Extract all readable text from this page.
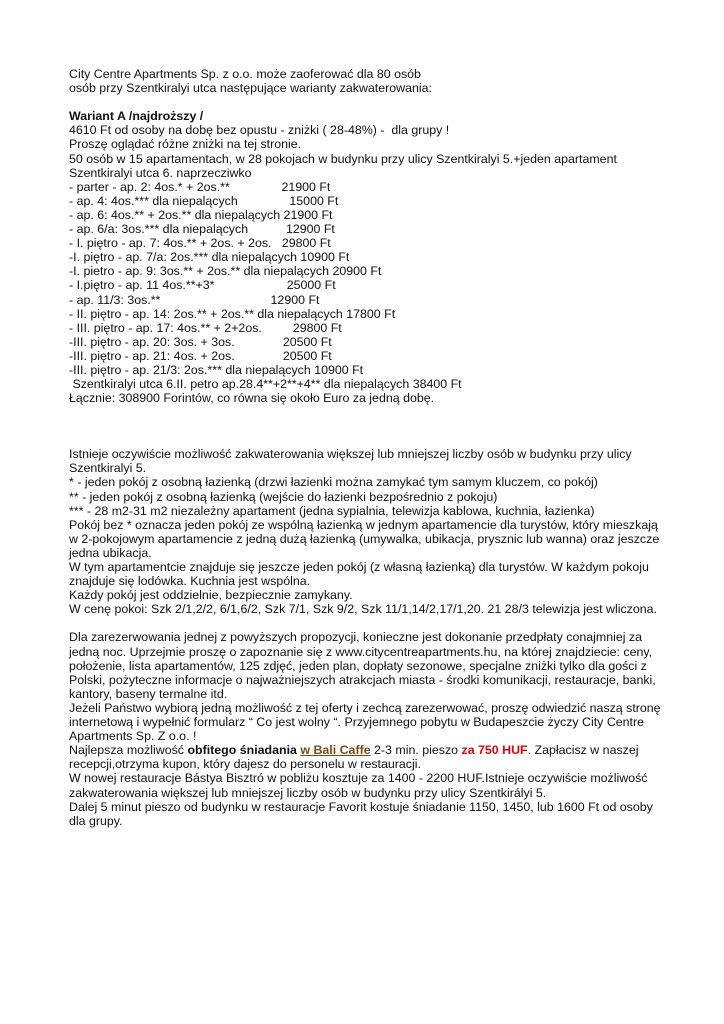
City Centre Apartments Sp. z o.o. może zaoferować dla 80 osób

osób przy Szentkiralyi utca następujące warianty zakwaterowania:

Wariant A /najdroższy /

4610 Ft od osoby na dobę bez opustu - zniżki ( 28-48%) -  dla grupy !

Proszę oglądać różne zniżki na tej stronie.

50 osób w 15 apartamentach, w 28 pokojach w budynku przy ulicy Szentkiralyi 5.+jeden apartament

Szentkiralyi utca 6. naprzeczіwko

- parter - ap. 2: 4os.* + 2os.**               21900 Ft

- ap. 4: 4os.*** dla niepalących               15000 Ft

- ap. 6: 4os.** + 2os.** dla niepalących 21900 Ft

- ap. 6/a: 3os.*** dla niepalących           12900 Ft

- I. piętro - ap. 7: 4os.** + 2os. + 2os.   29800 Ft

-I. piętro - ap. 7/a: 2os.*** dla niepalących 10900 Ft

-I. pietro - ap. 9: 3os.** + 2os.** dla niepalących 20900 Ft

- I.piętro - ap. 11 4os.**+3*                     25000 Ft

- ap. 11/3: 3os.**                                12900 Ft

- II. piętro - ap. 14: 2os.** + 2os.** dla niepalących 17800 Ft

- III. piętro - ap. 17: 4os.** + 2+2os.         29800 Ft

-III. piętro - ap. 20: 3os. + 3os.              20500 Ft

-III. piętro - ap. 21: 4os. + 2os.              20500 Ft

-III. piętro - ap. 21/3: 2os.*** dla niepalących 10900 Ft

Szentkiralyi utca 6.II. petro ap.28.4**+2**+4** dla niepalących 38400 Ft

Łącznie: 308900 Forintów, co równa się około Euro za jedną dobę.

Istnieje oczywiście możliwość zakwaterowania większej lub mniejszej liczby osób w budynku przy ulicy Szentkiralyi 5.

* - jeden pokój z osobną łazienką (drzwi łazienki można zamykać tym samym kluczem, co pokój)

** - jeden pokój z osobną łazienką (wejście do łazienki bezpośrednio z pokoju)

*** - 28 m2-31 m2 niezależny apartament (jedna sypialnia, telewizja kablowa, kuchnia, łazienka)

Pokój bez * oznacza jeden pokój ze wspólną łazienką w jednym apartamencie dla turystów, który mieszkają w 2-pokojowym apartamencie z jedną dużą łazienką (umywalka, ubikacja, prysznic lub wanna) oraz jeszcze jedna ubikacja.

W tym apartamentcie znajduje się jeszcze jeden pokój (z własną łazienką) dla turystów. W każdym pokoju znajduje się lodówka. Kuchnia jest wspólna.

Każdy pokój jest oddzielnie, bezpiecznie zamykany.

W cenę pokoi: Szk 2/1,2/2, 6/1,6/2, Szk 7/1, Szk 9/2, Szk 11/1,14/2,17/1,20. 21 28/3 telewizja jest wliczona.

Dla zarezerwowania jednej z powyższych propozycji, konieczne jest dokonanie przedpłaty conajmniej za jedną noc. Uprzejmie proszę o zapoznanie się z www.citycentreapartments.hu, na której znajdziecie: ceny, położenie, lista apartamentów, 125 zdjęć, jeden plan, dopłaty sezonowe, specjalne zniżki tylko dla gości z Polski, pożyteczne informacje o najważniejszych atrakcjach miasta - środki komunikacji, restauracje, banki, kantory, baseny termalne itd.

Jeżeli Państwo wybiorą jedną możliwość z tej oferty i zechcą zarezerwować, proszę odwiedzić naszą stronę internetową i wypełnić formularz “ Co jest wolny “. Przyjemnego pobytu w Budapeszcie życzy City Centre Apartments Sp. Z o.o. !

Najlepsza możliwość obfitego śniadania w Bali Caffe 2-3 min. pieszo za 750 HUF. Zapłacisz w naszej recepcji,otrzyma kupon, który dajesz do personelu w restauracji.

W nowej restauracje Bástya Bisztró w pobliżu kosztuje za 1400 - 2200 HUF.Istnieje oczywiście możliwość zakwaterowania większej lub mniejszej liczby osób w budynku przy ulicy Szentkirályi 5.

Dalej 5 minut pieszo od budynku w restauracje Favorit kostuje śniadanie 1150, 1450, lub 1600 Ft od osoby dla grupy.
